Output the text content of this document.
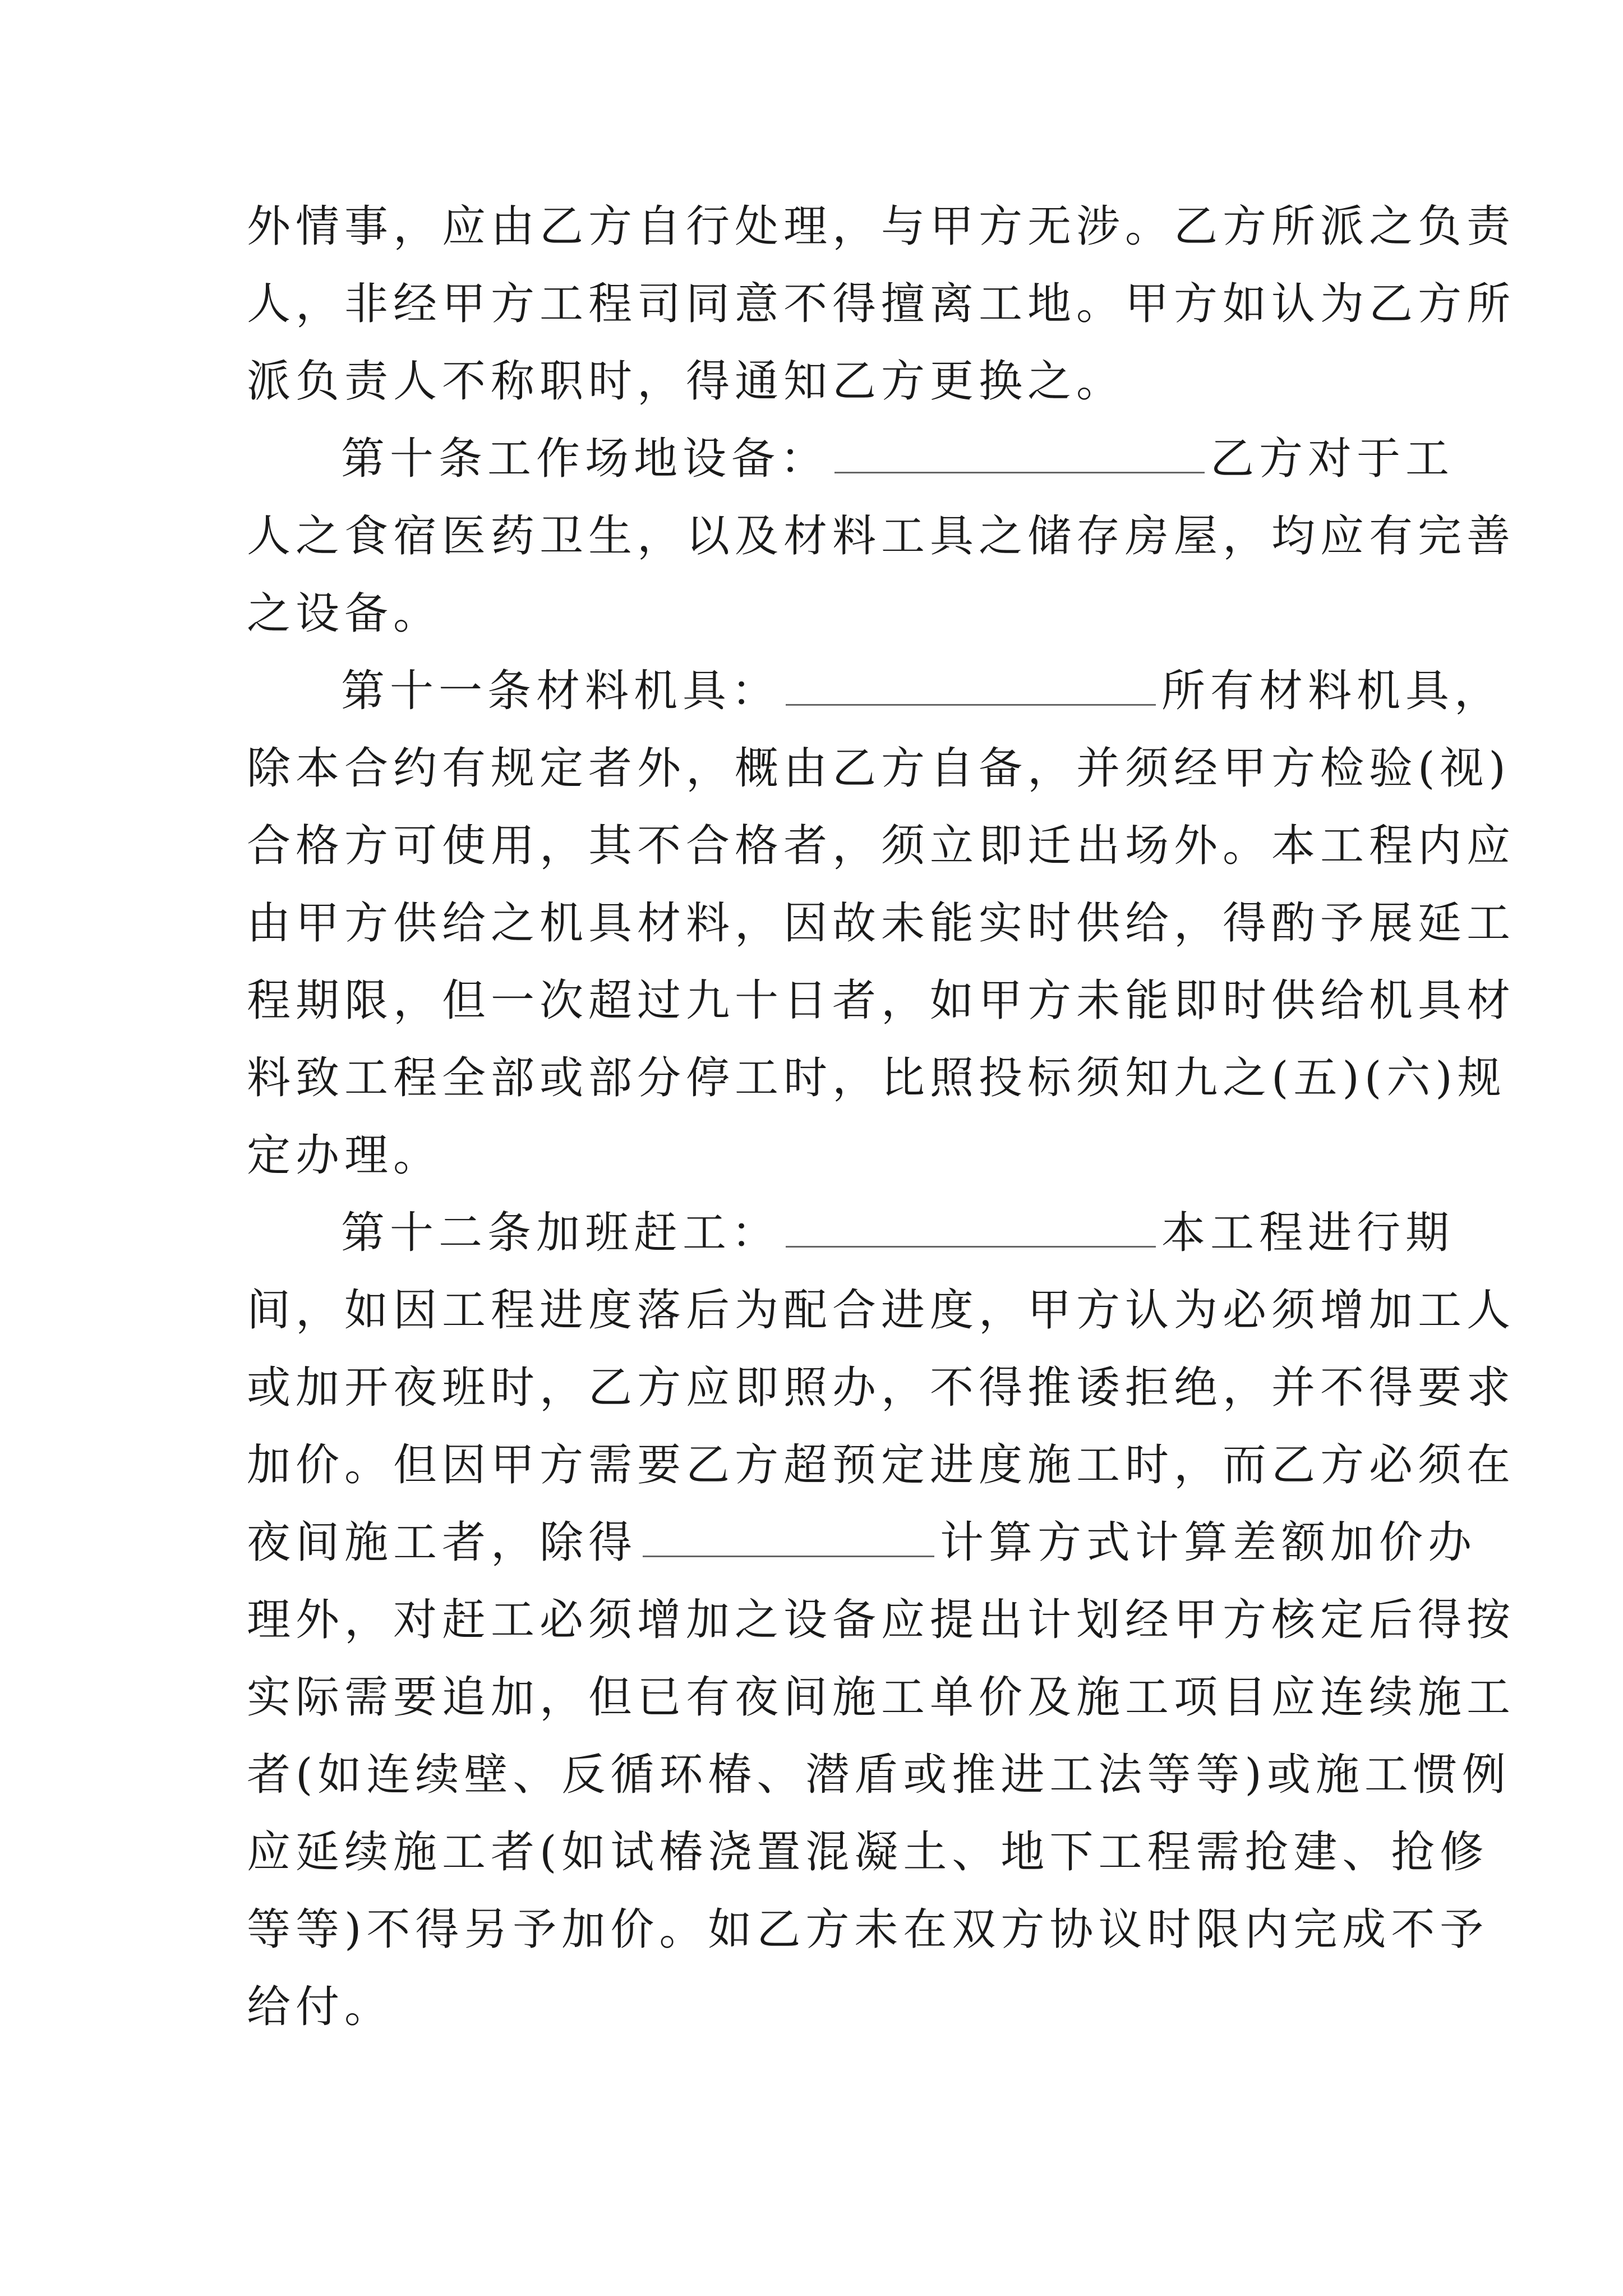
外情事，应由乙方自行处理，与甲方无涉。乙方所派之负责
人，非经甲方工程司同意不得擅离工地。甲方如认为乙方所
派负责人不称职时，得通知乙方更换之。
第十条工作场地设备：	乙方对于工
人之食宿医药卫生，以及材料工具之储存房屋，均应有完善
之设备。
第十一条材料机具：	所有材料机具，
除本合约有规定者外，概由乙方自备，并须经甲方检验(视)
合格方可使用，其不合格者，须立即迁出场外。本工程内应
由甲方供给之机具材料，因故未能实时供给，得酌予展延工
程期限，但一次超过九十日者，如甲方未能即时供给机具材
料致工程全部或部分停工时，比照投标须知九之(五)(六)规
定办理。
第十二条加班赶工：	本工程进行期
间，如因工程进度落后为配合进度，甲方认为必须增加工人
或加开夜班时，乙方应即照办，不得推诿拒绝，并不得要求
加价。但因甲方需要乙方超预定进度施工时，而乙方必须在
夜间施工者，除得	计算方式计算差额加价办
理外，对赶工必须增加之设备应提出计划经甲方核定后得按
实际需要追加，但已有夜间施工单价及施工项目应连续施工
者(如连续壁、反循环椿、潜盾或推进工法等等)或施工惯例
应延续施工者(如试椿浇置混凝土、地下工程需抢建、抢修
等等)不得另予加价。如乙方未在双方协议时限内完成不予
给付。
